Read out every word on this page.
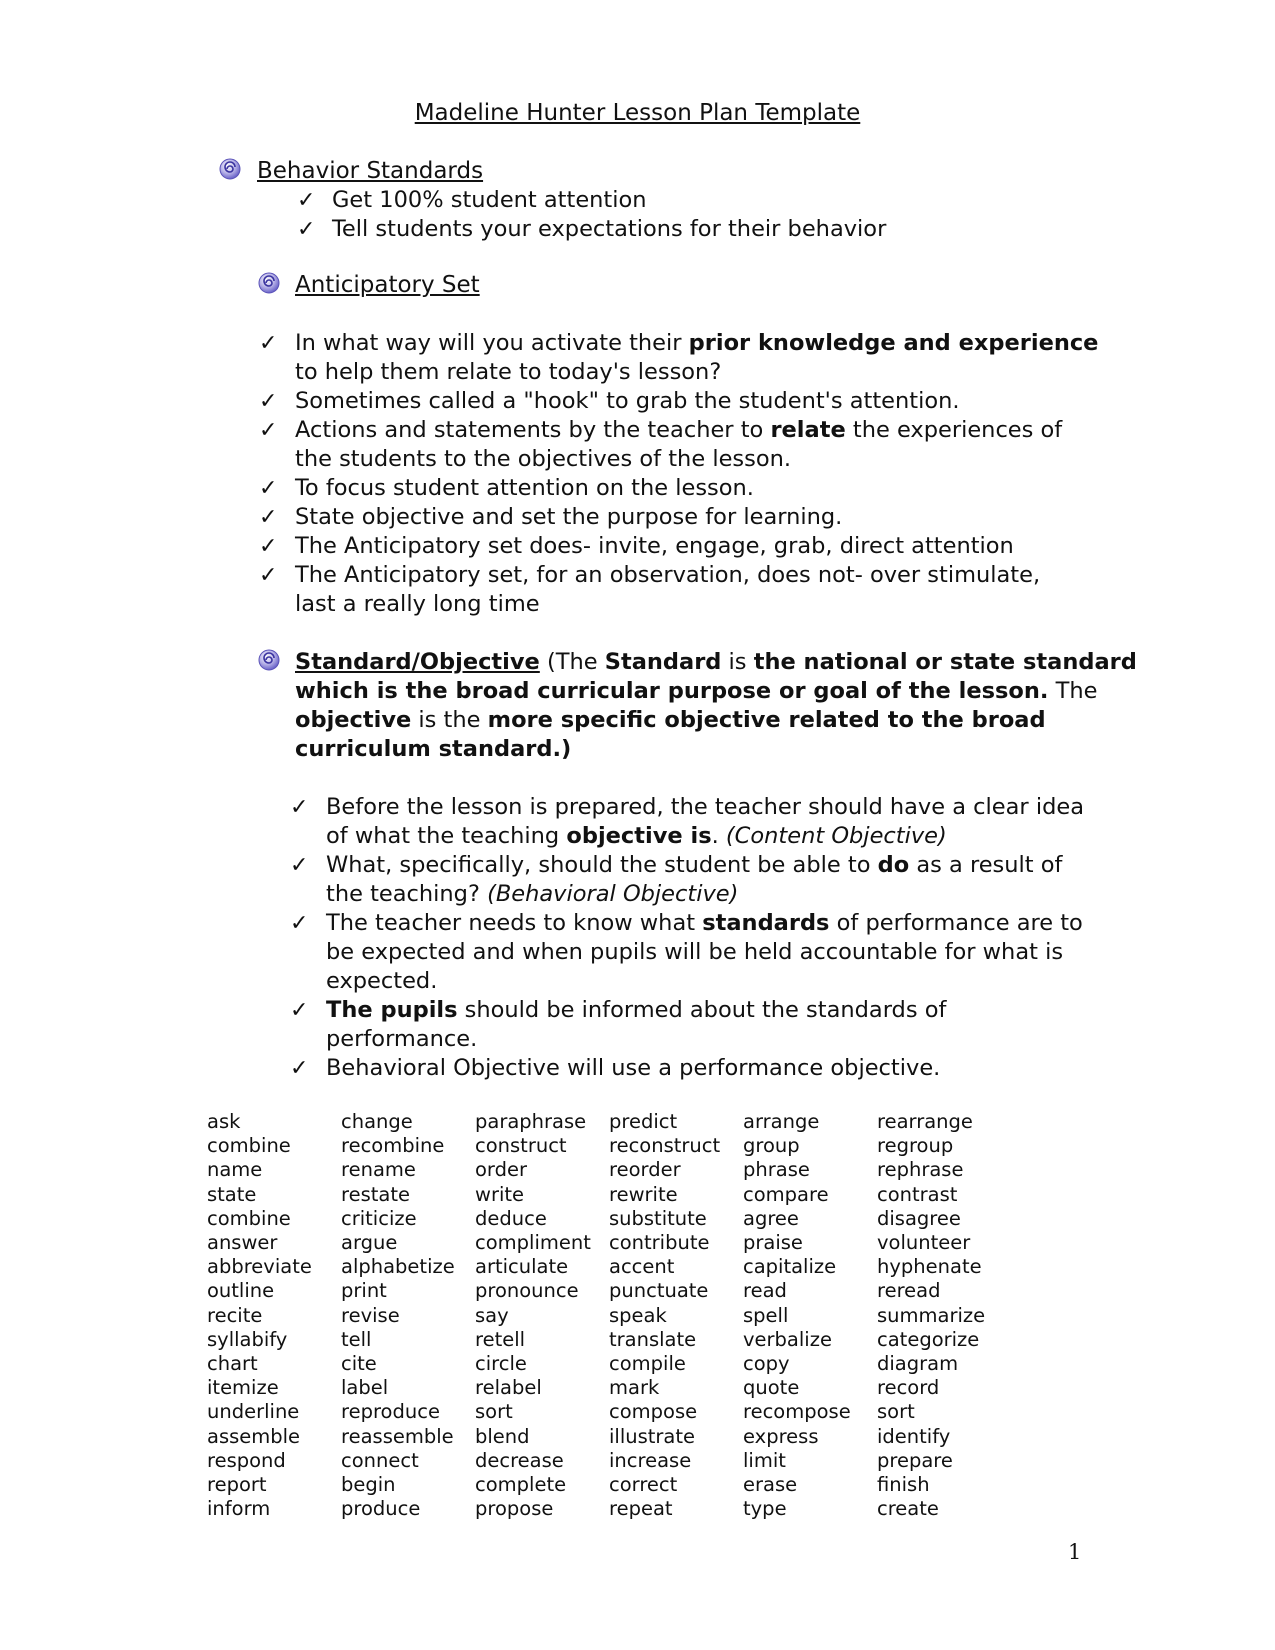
Madeline Hunter Lesson Plan Template
Behavior Standards
✓ Get 100% student attention
✓ Tell students your expectations for their behavior
Anticipatory Set
✓ In what way will you activate their prior knowledge and experience
to help them relate to today's lesson?
✓ Sometimes called a "hook" to grab the student's attention.
✓ Actions and statements by the teacher to relate the experiences of
the students to the objectives of the lesson.
✓ To focus student attention on the lesson.
✓ State objective and set the purpose for learning.
✓ The Anticipatory set does- invite, engage, grab, direct attention
✓ The Anticipatory set, for an observation, does not- over stimulate,
last a really long time
Standard/Objective (The Standard is the national or state standard
which is the broad curricular purpose or goal of the lesson. The
objective is the more specific objective related to the broad
curriculum standard.)
✓ Before the lesson is prepared, the teacher should have a clear idea
of what the teaching objective is. (Content Objective)
✓ What, specifically, should the student be able to do as a result of
the teaching? (Behavioral Objective)
✓ The teacher needs to know what standards of performance are to
be expected and when pupils will be held accountable for what is
expected.
✓ The pupils should be informed about the standards of
performance.
✓ Behavioral Objective will use a performance objective.
ask
combine
name
state
combine
answer
abbreviate
outline
recite
syllabify
chart
itemize
underline
assemble
respond
report
inform
change
recombine
rename
restate
criticize
argue
alphabetize
print
revise
tell
cite
label
reproduce
reassemble
connect
begin
produce
paraphrase
construct
order
write
deduce
compliment
articulate
pronounce
say
retell
circle
relabel
sort
blend
decrease
complete
propose
predict
reconstruct
reorder
rewrite
substitute
contribute
accent
punctuate
speak
translate
compile
mark
compose
illustrate
increase
correct
repeat
arrange
group
phrase
compare
agree
praise
capitalize
read
spell
verbalize
copy
quote
recompose
express
limit
erase
type
rearrange
regroup
rephrase
contrast
disagree
volunteer
hyphenate
reread
summarize
categorize
diagram
record
sort
identify
prepare
finish
create
1
